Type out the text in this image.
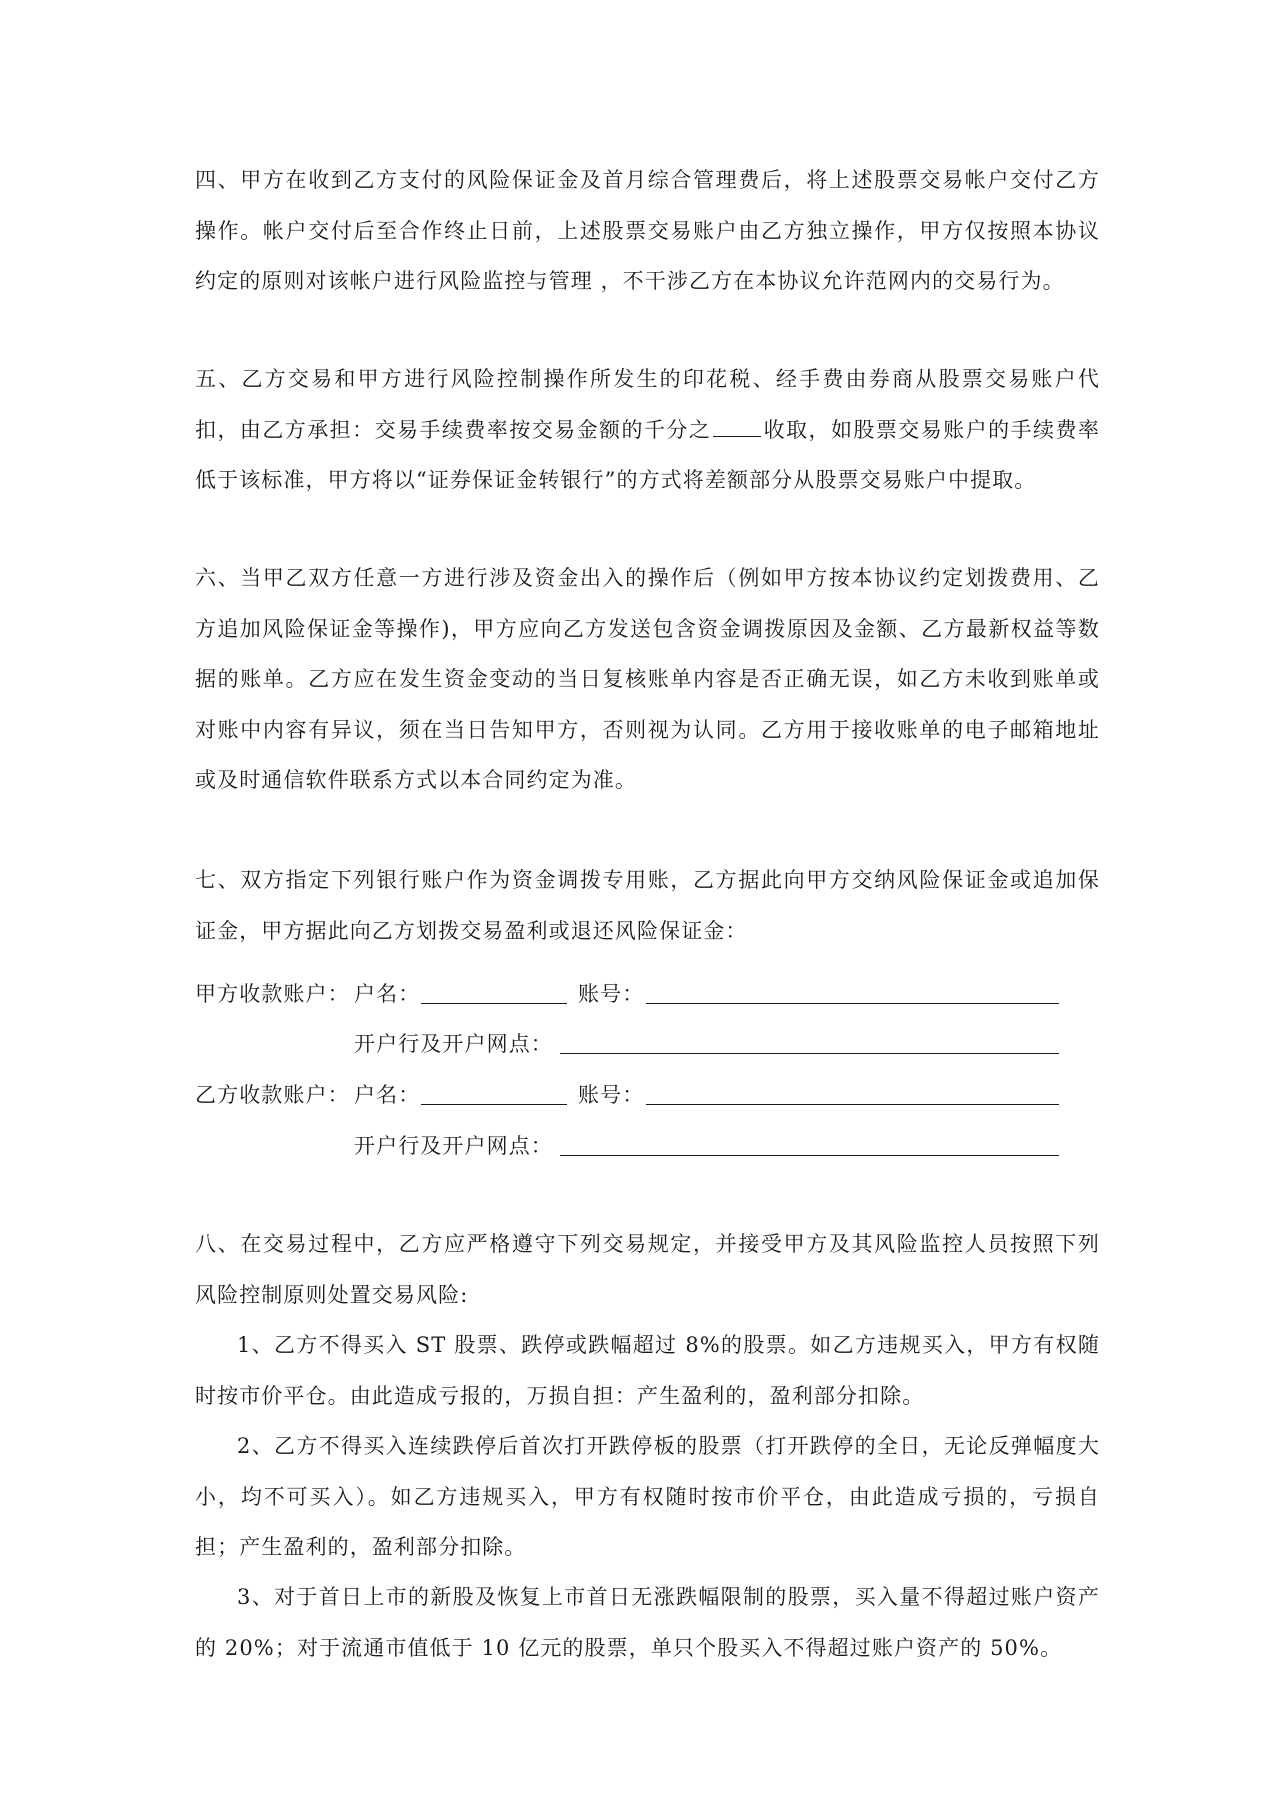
四、甲方在收到乙方支付的风险保证金及首月综合管理费后，将上述股票交易帐户交付乙方操作。帐户交付后至合作终止日前，上述股票交易账户由乙方独立操作，甲方仅按照本协议约定的原则对该帐户进行风险监控与管理 ，不干涉乙方在本协议允许范网内的交易行为。

五、乙方交易和甲方进行风险控制操作所发生的印花税、经手费由券商从股票交易账户代扣，由乙方承担：交易手续费率按交易金额的千分之 收取，如股票交易账户的手续费率低于该标准，甲方将以“证券保证金转银行”的方式将差额部分从股票交易账户中提取。

六、当甲乙双方任意一方进行涉及资金出入的操作后（例如甲方按本协议约定划拨费用、乙方追加风险保证金等操作)，甲方应向乙方发送包含资金调拨原因及金额、乙方最新权益等数据的账单。乙方应在发生资金变动的当日复核账单内容是否正确无误，如乙方未收到账单或对账中内容有异议，须在当日告知甲方，否则视为认同。乙方用于接收账单的电子邮箱地址或及时通信软件联系方式以本合同约定为准。

七、双方指定下列银行账户作为资金调拨专用账，乙方据此向甲方交纳风险保证金或追加保证金，甲方据此向乙方划拨交易盈利或退还风险保证金：

甲方收款账户： 户名：	账号：
开户行及开户网点：
乙方收款账户： 户名：	账号：
开户行及开户网点：

八、在交易过程中，乙方应严格遵守下列交易规定，并接受甲方及其风险监控人员按照下列风险控制原则处置交易风险:

1、乙方不得买入 ST 股票、跌停或跌幅超过 8%的股票。如乙方违规买入，甲方有权随时按市价平仓。由此造成亏报的，万损自担：产生盈利的，盈利部分扣除。

2、乙方不得买入连续跌停后首次打开跌停板的股票（打开跌停的全日，无论反弹幅度大小，均不可买入）。如乙方违规买入，甲方有权随时按市价平仓，由此造成亏损的，亏损自担；产生盈利的，盈利部分扣除。

3、对于首日上市的新股及恢复上市首日无涨跌幅限制的股票，买入量不得超过账户资产的 20%；对于流通市值低于 10 亿元的股票，单只个股买入不得超过账户资产的 50%。
